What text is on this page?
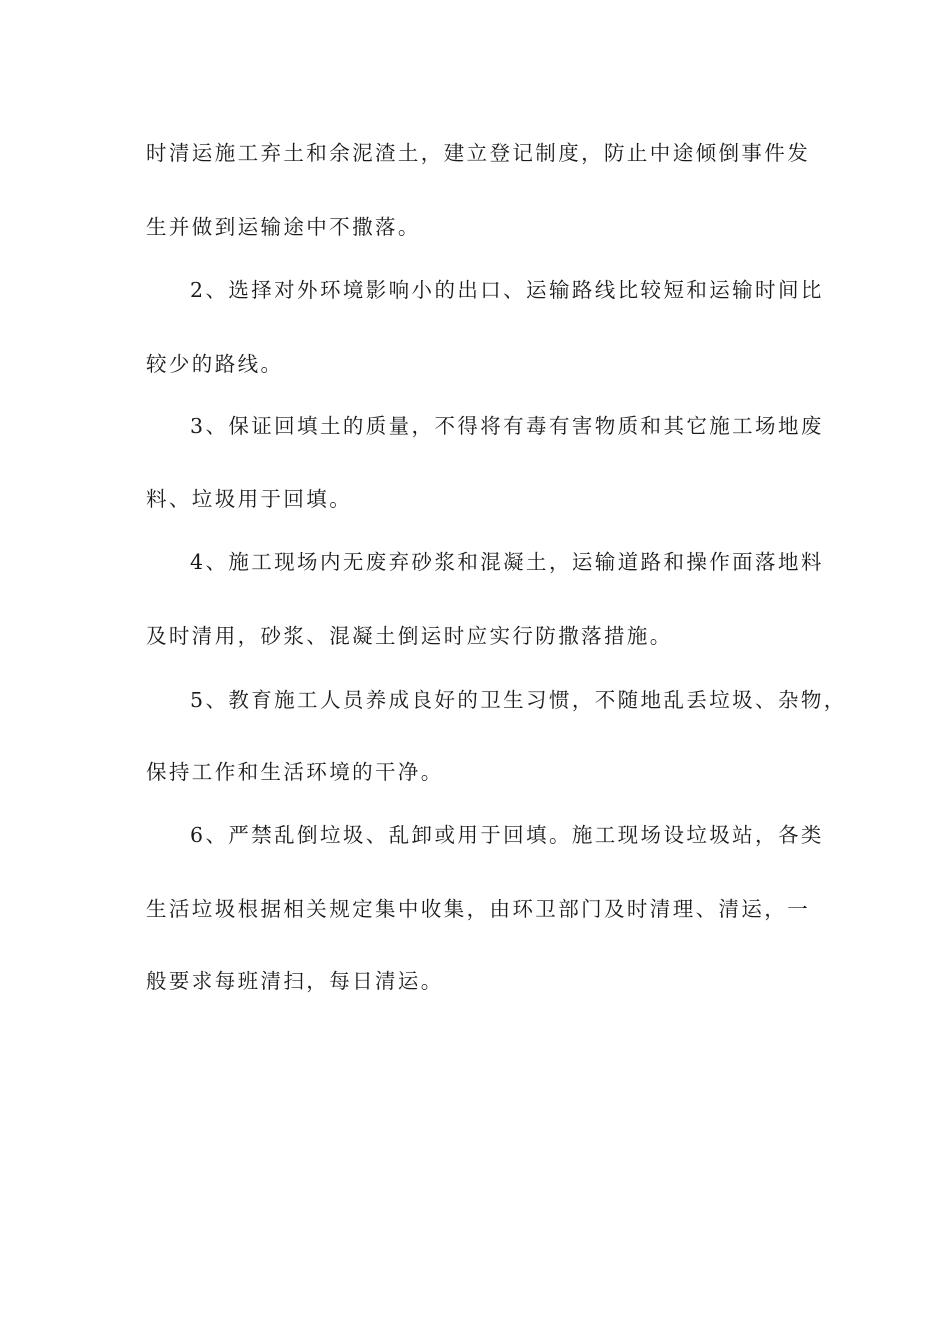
时清运施工弃土和余泥渣土，建立登记制度，防止中途倾倒事件发
生并做到运输途中不撒落。
2、选择对外环境影响小的出口、运输路线比较短和运输时间比
较少的路线。
3、保证回填土的质量，不得将有毒有害物质和其它施工场地废
料、垃圾用于回填。
4、施工现场内无废弃砂浆和混凝土，运输道路和操作面落地料
及时清用，砂浆、混凝土倒运时应实行防撒落措施。
5、教育施工人员养成良好的卫生习惯，不随地乱丢垃圾、杂物，
保持工作和生活环境的干净。
6、严禁乱倒垃圾、乱卸或用于回填。施工现场设垃圾站，各类
生活垃圾根据相关规定集中收集，由环卫部门及时清理、清运，一
般要求每班清扫，每日清运。
